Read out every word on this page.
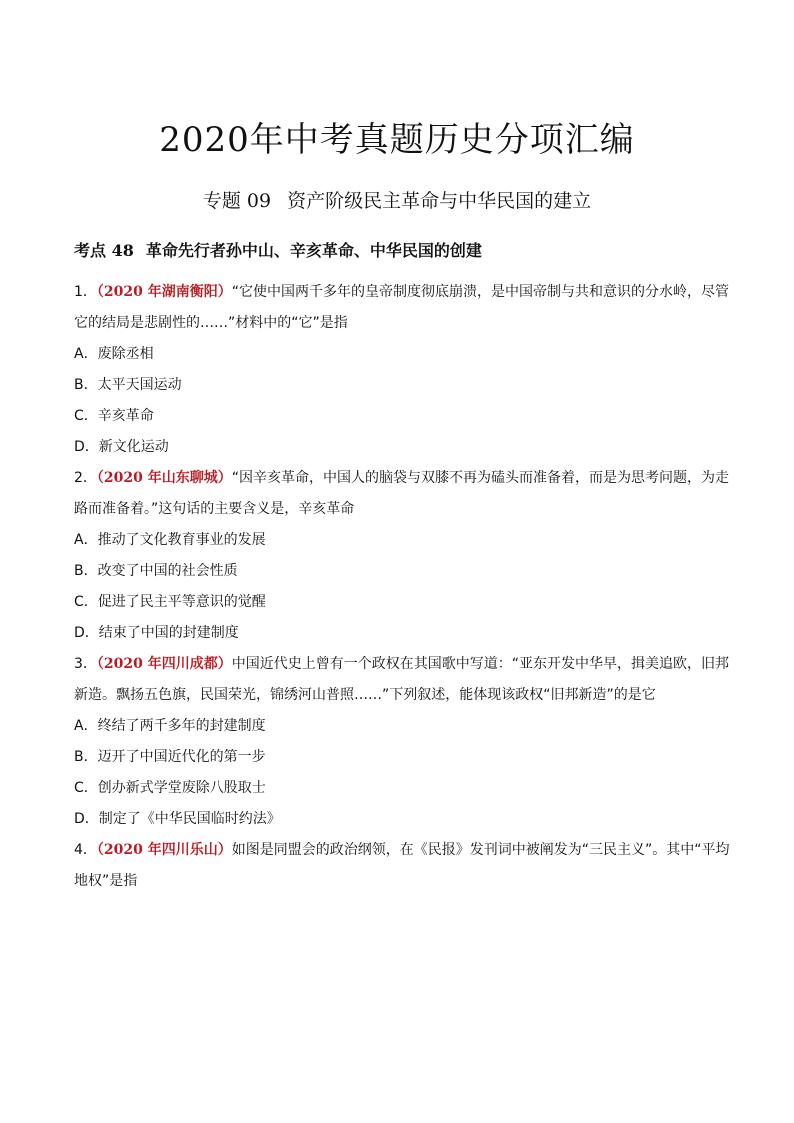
2020年中考真题历史分项汇编
专题 09 资产阶级民主革命与中华民国的建立
考点 48 革命先行者孙中山、辛亥革命、中华民国的创建

1．（2020 年湖南衡阳）“它使中国两千多年的皇帝制度彻底崩溃，是中国帝制与共和意识的分水岭，尽管它的结局是悲剧性的……”材料中的“它”是指

A．废除丞相

B．太平天国运动

C．辛亥革命

D．新文化运动

2．（2020 年山东聊城）“因辛亥革命，中国人的脑袋与双膝不再为磕头而准备着，而是为思考问题，为走路而准备着。”这句话的主要含义是，辛亥革命

A．推动了文化教育事业的发展

B．改变了中国的社会性质

C．促进了民主平等意识的觉醒

D．结束了中国的封建制度

3．（2020 年四川成都）中国近代史上曾有一个政权在其国歌中写道：“亚东开发中华早，揖美追欧，旧邦新造。飘扬五色旗，民国荣光，锦绣河山普照……”下列叙述，能体现该政权“旧邦新造”的是它

A．终结了两千多年的封建制度

B．迈开了中国近代化的第一步

C．创办新式学堂废除八股取士

D．制定了《中华民国临时约法》

4．（2020 年四川乐山）如图是同盟会的政治纲领，在《民报》发刊词中被阐发为“三民主义”。其中“平均地权”是指
